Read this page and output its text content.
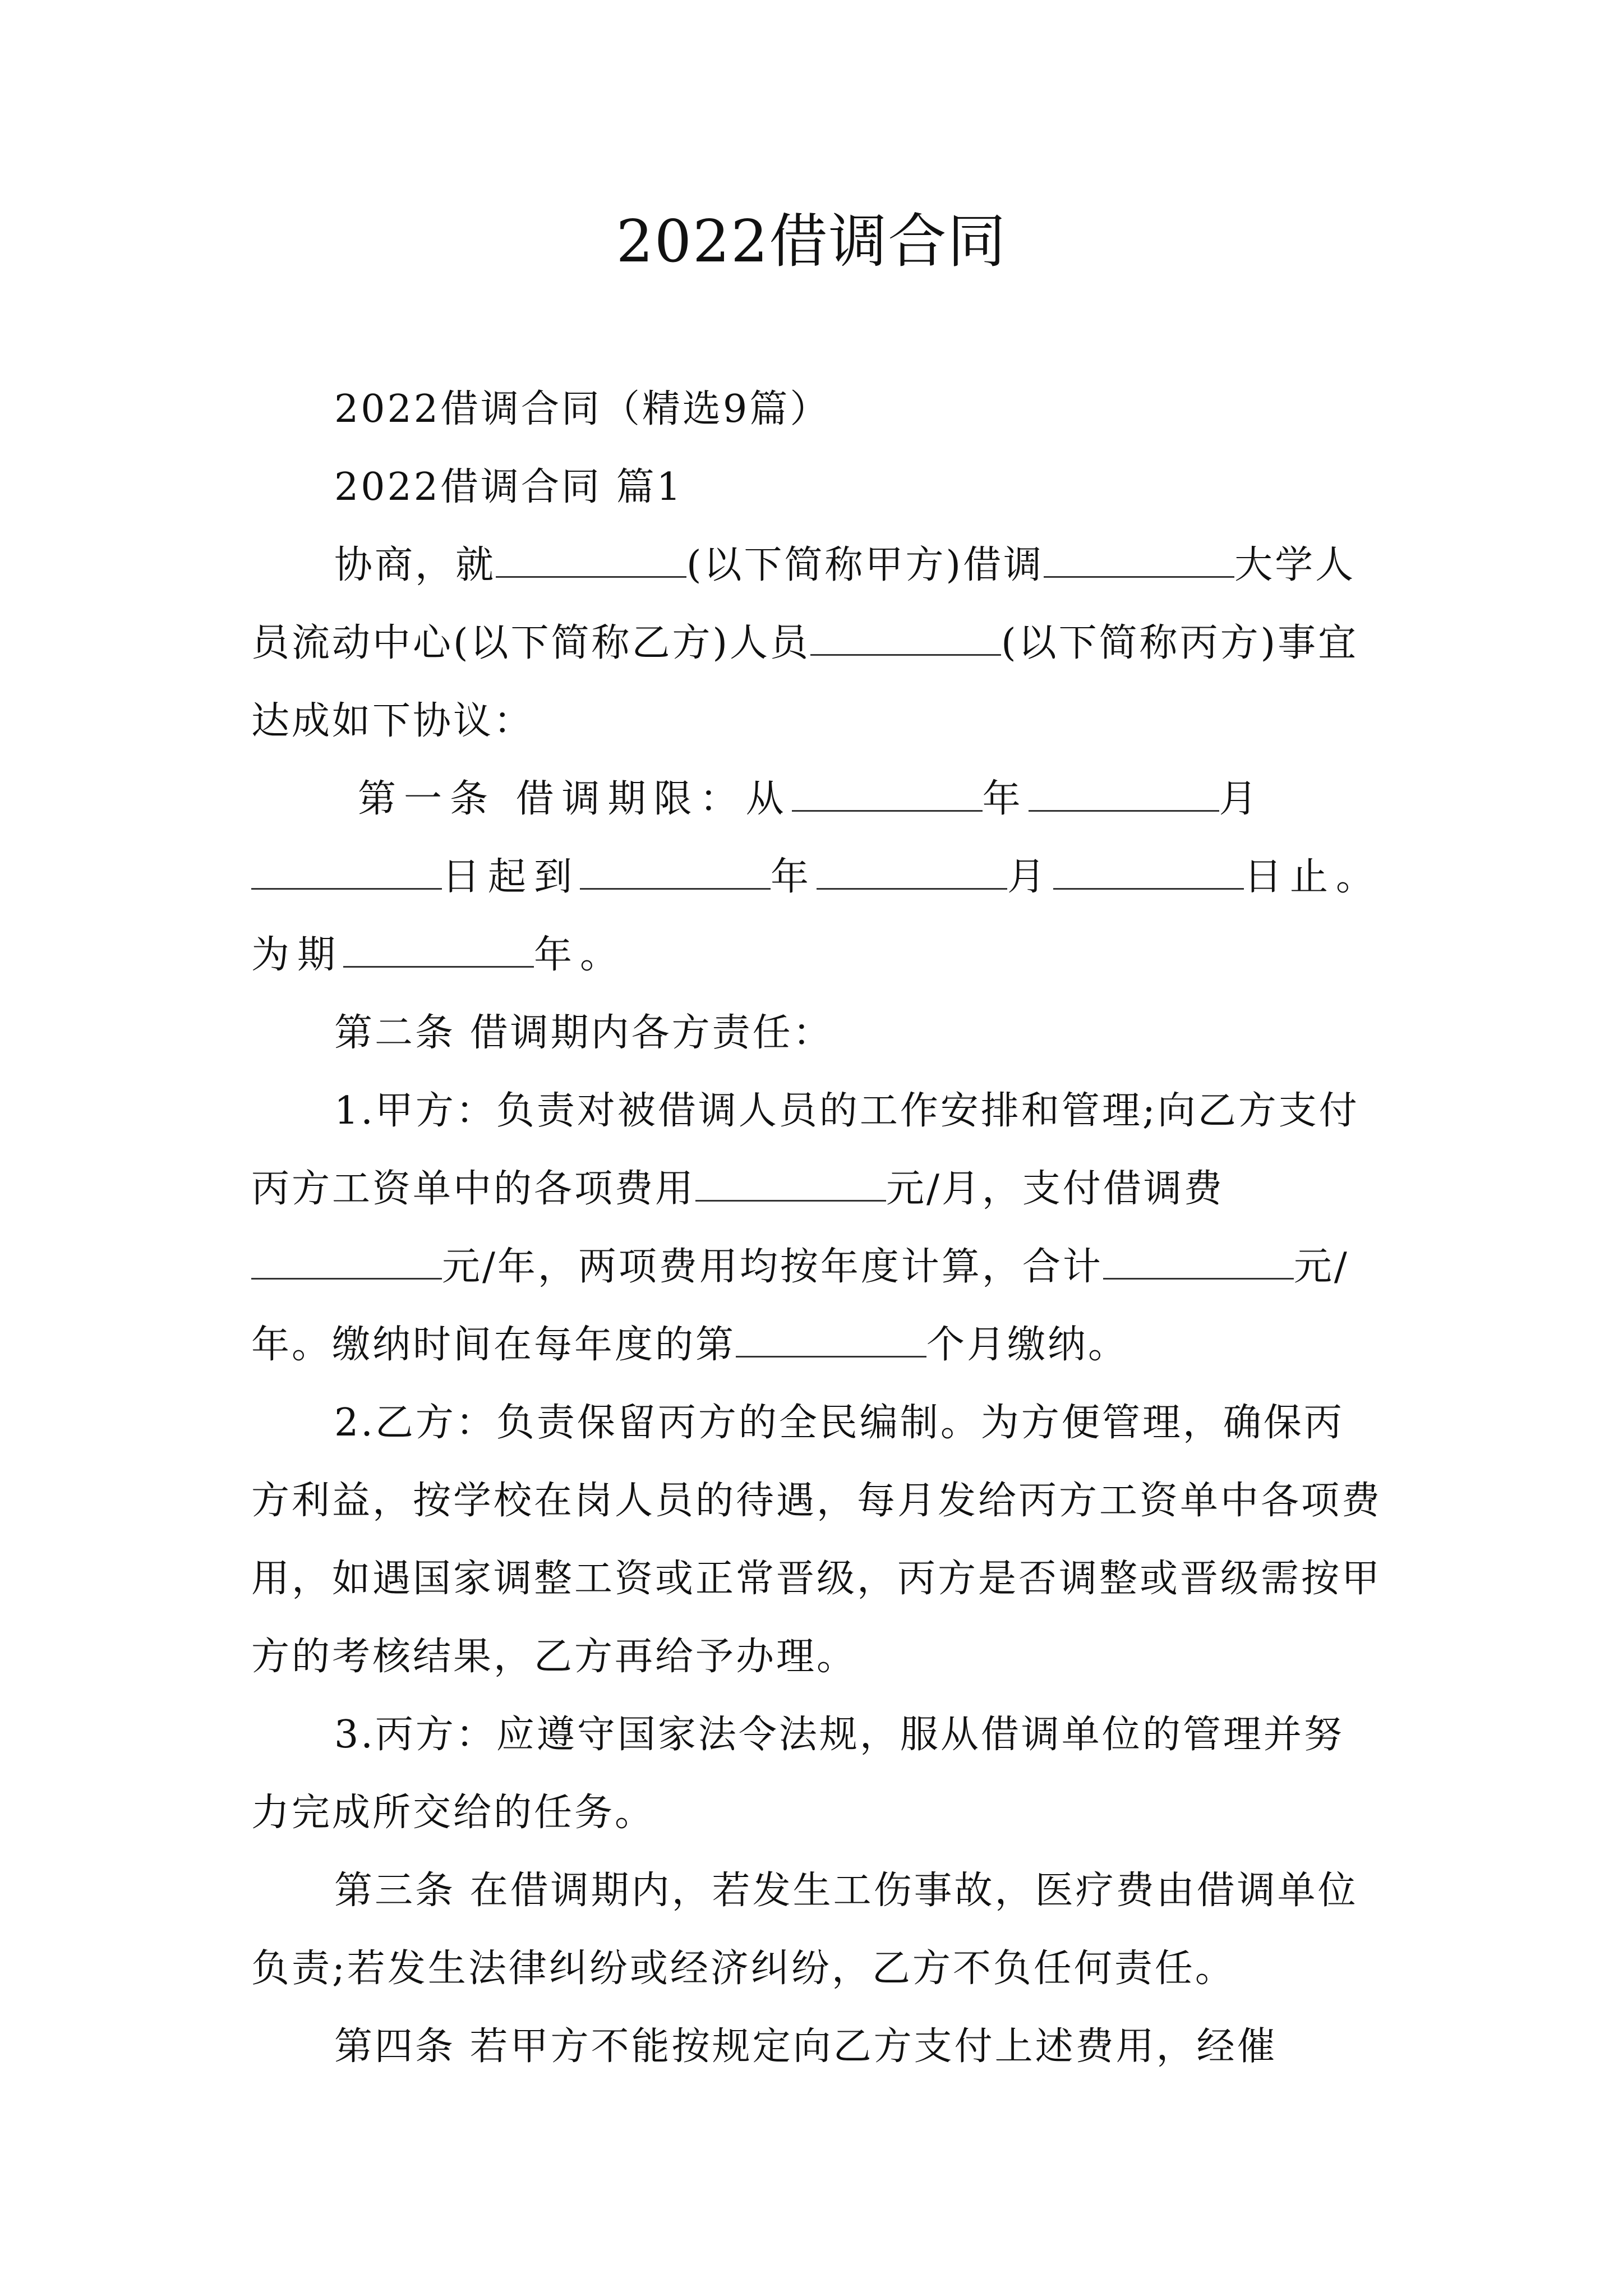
2022借调合同

2022借调合同（精选9篇）

2022借调合同 篇1

协商，就	(以下简称甲方)借调	大学人员流动中心(以下简称乙方)人员	(以下简称丙方)事宜达成如下协议：

第一条 借调期限：从	年	月日起到	年	月	日止。为期	年。

第二条 借调期内各方责任：

1.甲方：负责对被借调人员的工作安排和管理;向乙方支付丙方工资单中的各项费用	元/月，支付借调费元/年，两项费用均按年度计算，合计	元/年。缴纳时间在每年度的第	个月缴纳。

2.乙方：负责保留丙方的全民编制。为方便管理，确保丙方利益，按学校在岗人员的待遇，每月发给丙方工资单中各项费用，如遇国家调整工资或正常晋级，丙方是否调整或晋级需按甲方的考核结果，乙方再给予办理。

3.丙方：应遵守国家法令法规，服从借调单位的管理并努力完成所交给的任务。

第三条 在借调期内，若发生工伤事故，医疗费由借调单位负责;若发生法律纠纷或经济纠纷，乙方不负任何责任。

第四条 若甲方不能按规定向乙方支付上述费用，经催
